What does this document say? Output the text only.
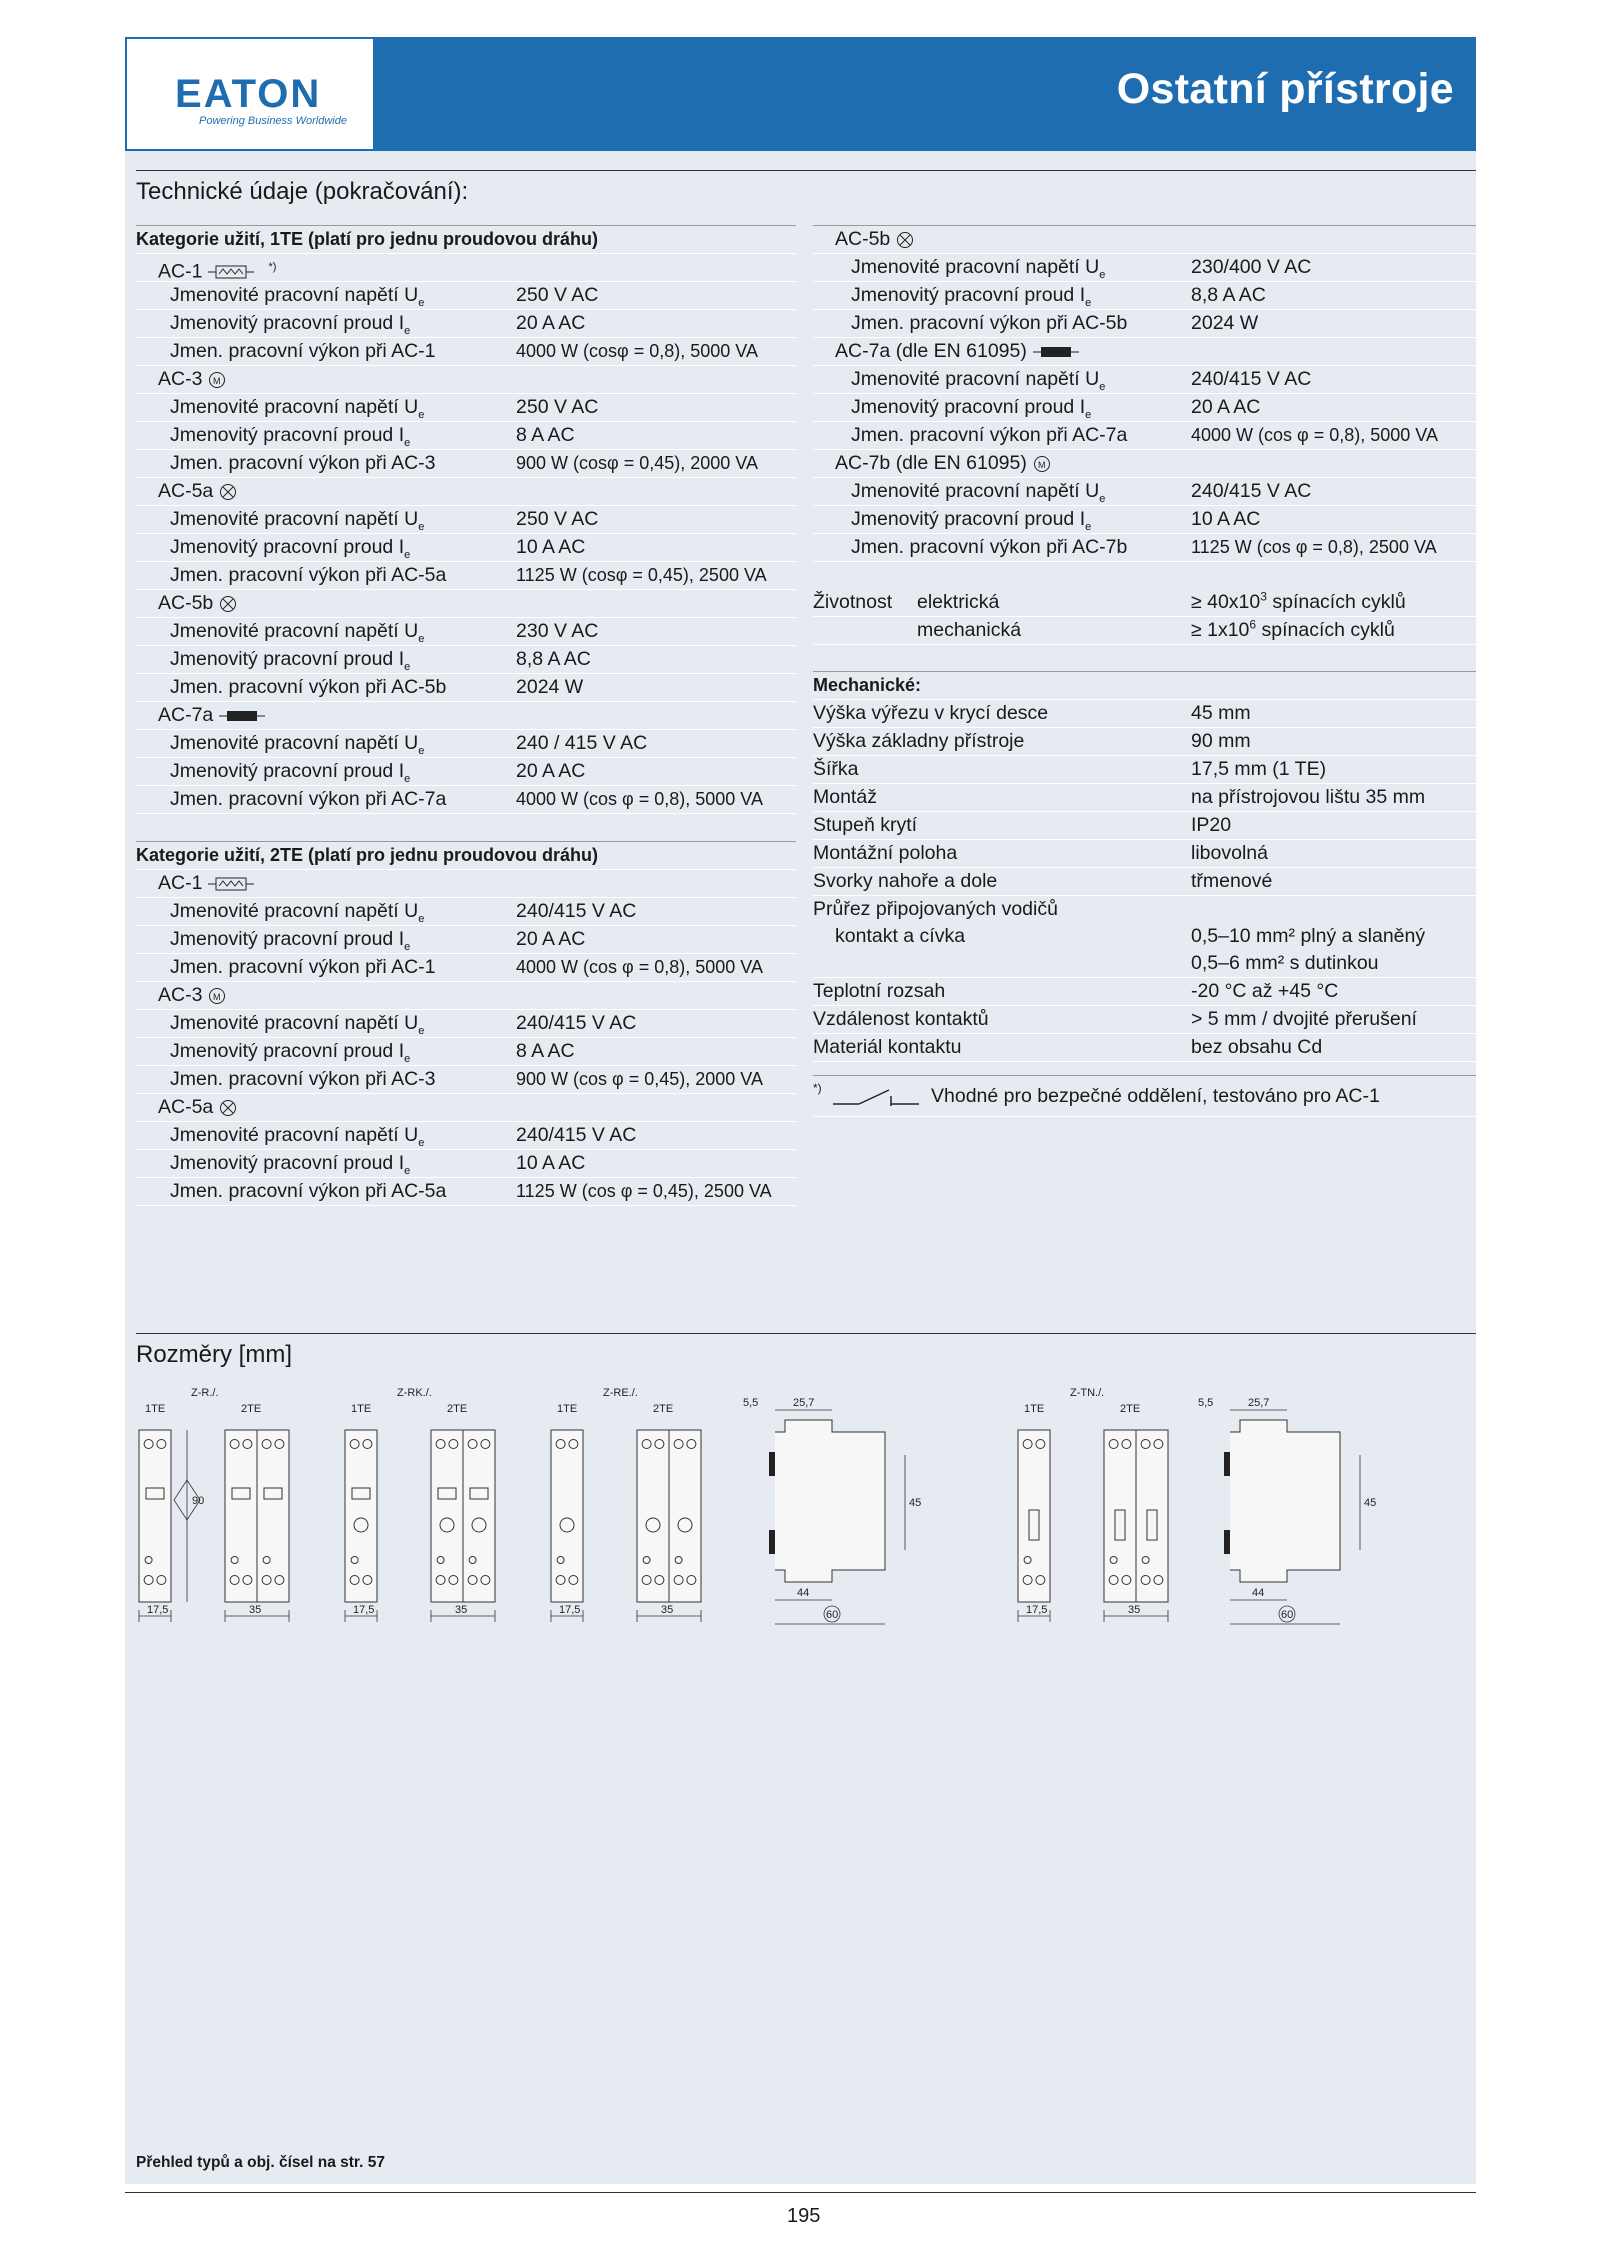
EATON
Powering Business Worldwide
Ostatní přístroje
Technické údaje (pokračování):
Kategorie užití, 1TE (platí pro jednu proudovou dráhu)
AC-1	*)
Jmenovité pracovní napětí $U_e$	250 V AC
Jmenovitý pracovní proud $I_e$	20 A AC
Jmen. pracovní výkon při AC-1	4000 W (cosφ = 0,8), 5000 VA
AC-3 M
Jmenovité pracovní napětí $U_e$	250 V AC
Jmenovitý pracovní proud $I_e$	8 A AC
Jmen. pracovní výkon při AC-3	900 W (cosφ = 0,45), 2000 VA
AC-5a
Jmenovité pracovní napětí $U_e$	250 V AC
Jmenovitý pracovní proud $I_e$	10 A AC
Jmen. pracovní výkon při AC-5a	1125 W (cosφ = 0,45), 2500 VA
AC-5b
Jmenovité pracovní napětí $U_e$	230 V AC
Jmenovitý pracovní proud $I_e$	8,8 A AC
Jmen. pracovní výkon při AC-5b	2024 W
AC-7a
Jmenovité pracovní napětí $U_e$	240 / 415 V AC
Jmenovitý pracovní proud $I_e$	20 A AC
Jmen. pracovní výkon při AC-7a	4000 W (cos φ = 0,8), 5000 VA
Kategorie užití, 2TE (platí pro jednu proudovou dráhu)
AC-1
Jmenovité pracovní napětí $U_e$	240/415 V AC
Jmenovitý pracovní proud $I_e$	20 A AC
Jmen. pracovní výkon při AC-1	4000 W (cos φ = 0,8), 5000 VA
AC-3 M
Jmenovité pracovní napětí $U_e$	240/415 V AC
Jmenovitý pracovní proud $I_e$	8 A AC
Jmen. pracovní výkon při AC-3	900 W (cos φ = 0,45), 2000 VA
AC-5a
Jmenovité pracovní napětí $U_e$	240/415 V AC
Jmenovitý pracovní proud $I_e$	10 A AC
Jmen. pracovní výkon při AC-5a	1125 W (cos φ = 0,45), 2500 VA
AC-5b
Jmenovité pracovní napětí $U_e$	230/400 V AC
Jmenovitý pracovní proud $I_e$	8,8 A AC
Jmen. pracovní výkon při AC-5b	2024 W
AC-7a (dle EN 61095)
Jmenovité pracovní napětí $U_e$	240/415 V AC
Jmenovitý pracovní proud $I_e$	20 A AC
Jmen. pracovní výkon při AC-7a	4000 W (cos φ = 0,8), 5000 VA
AC-7b (dle EN 61095) M
Jmenovité pracovní napětí $U_e$	240/415 V AC
Jmenovitý pracovní proud $I_e$	10 A AC
Jmen. pracovní výkon při AC-7b	1125 W (cos φ = 0,8), 2500 VA
Životnost elektrická	≥ $40x10^3$ spínacích cyklů
mechanická	≥ $1x10^6$ spínacích cyklů
Mechanické:
Výška výřezu v krycí desce	45 mm
Výška základny přístroje	90 mm
Šířka	17,5 mm (1 TE)
Montáž	na přístrojovou lištu 35 mm
Stupeň krytí	IP20
Montážní poloha	libovolná
Svorky nahoře a dole	třmenové
Průřez připojovaných vodičů
kontakt a cívka	0,5–10 mm² plný a slaněný
0,5–6 mm² s dutinkou
Teplotní rozsah	-20 °C až +45 °C
Vzdálenost kontaktů	> 5 mm / dvojité přerušení
Materiál kontaktu	bez obsahu Cd
*)	Vhodné pro bezpečné oddělení, testováno pro AC-1
Rozměry [mm]
Z-R./.
1TE	2TE
17,5	35
Z-RK./.
1TE	2TE
17,5	35
Z-RE./.
1TE	2TE
17,5	35
Z-TN./.
1TE	2TE
17,5	35
90
5,5	25,7
45
44
60
5,5	25,7
45
44
60
Přehled typů a obj. čísel na str. 57
195
